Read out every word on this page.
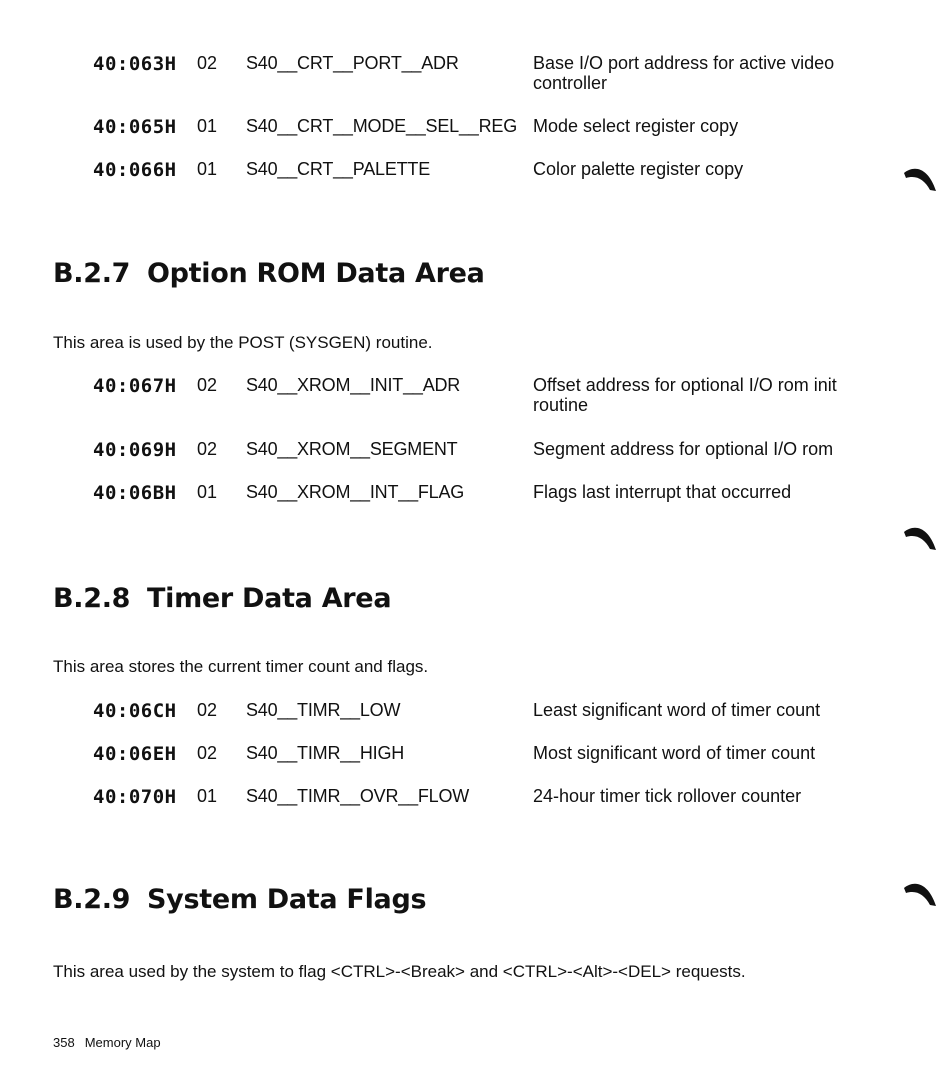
40:063H 02 S40__CRT__PORT__ADR	Base I/O port address for active video controller
40:065H 01 S40__CRT__MODE__SEL__REG Mode select register copy
40:066H 01 S40__CRT__PALETTE	Color palette register copy
B.2.7 Option ROM Data Area

This area is used by the POST (SYSGEN) routine.

40:067H 02 S40__XROM__INIT__ADR	Offset address for optional I/O rom init routine
40:069H 02 S40__XROM__SEGMENT	Segment address for optional I/O rom
40:06BH 01 S40__XROM__INT__FLAG	Flags last interrupt that occurred
B.2.8 Timer Data Area

This area stores the current timer count and flags.

40:06CH 02 S40__TIMR__LOW	Least significant word of timer count
40:06EH 02 S40__TIMR__HIGH	Most significant word of timer count
40:070H 01 S40__TIMR__OVR__FLOW	24-hour timer tick rollover counter
B.2.9 System Data Flags

This area used by the system to flag <CTRL>-<Break> and <CTRL>-<Alt>-<DEL> requests.

358 Memory Map
